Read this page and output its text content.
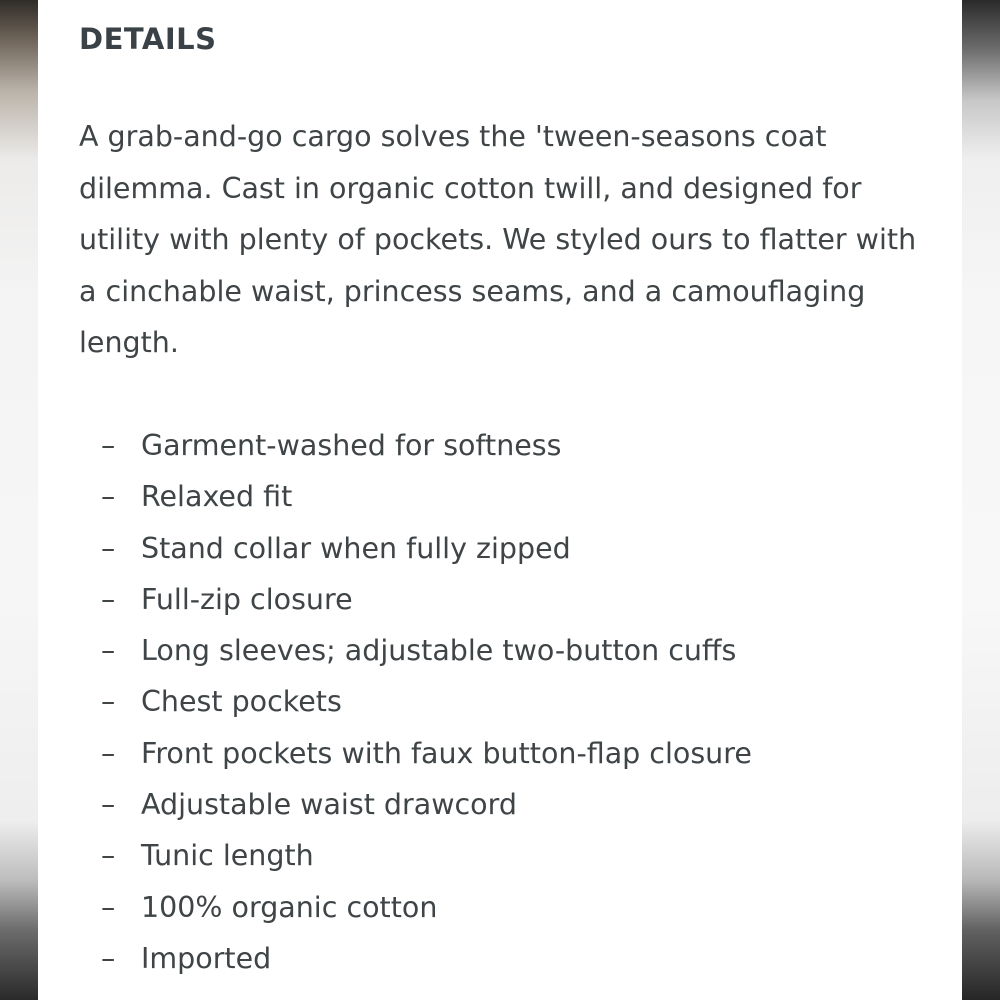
DETAILS

A grab-and-go cargo solves the 'tween-seasons coat dilemma. Cast in organic cotton twill, and designed for utility with plenty of pockets. We styled ours to flatter with a cinchable waist, princess seams, and a camouflaging length.

– Garment-washed for softness
– Relaxed fit
– Stand collar when fully zipped
– Full-zip closure
– Long sleeves; adjustable two-button cuffs
– Chest pockets
– Front pockets with faux button-flap closure
– Adjustable waist drawcord
– Tunic length
– 100% organic cotton
– Imported
